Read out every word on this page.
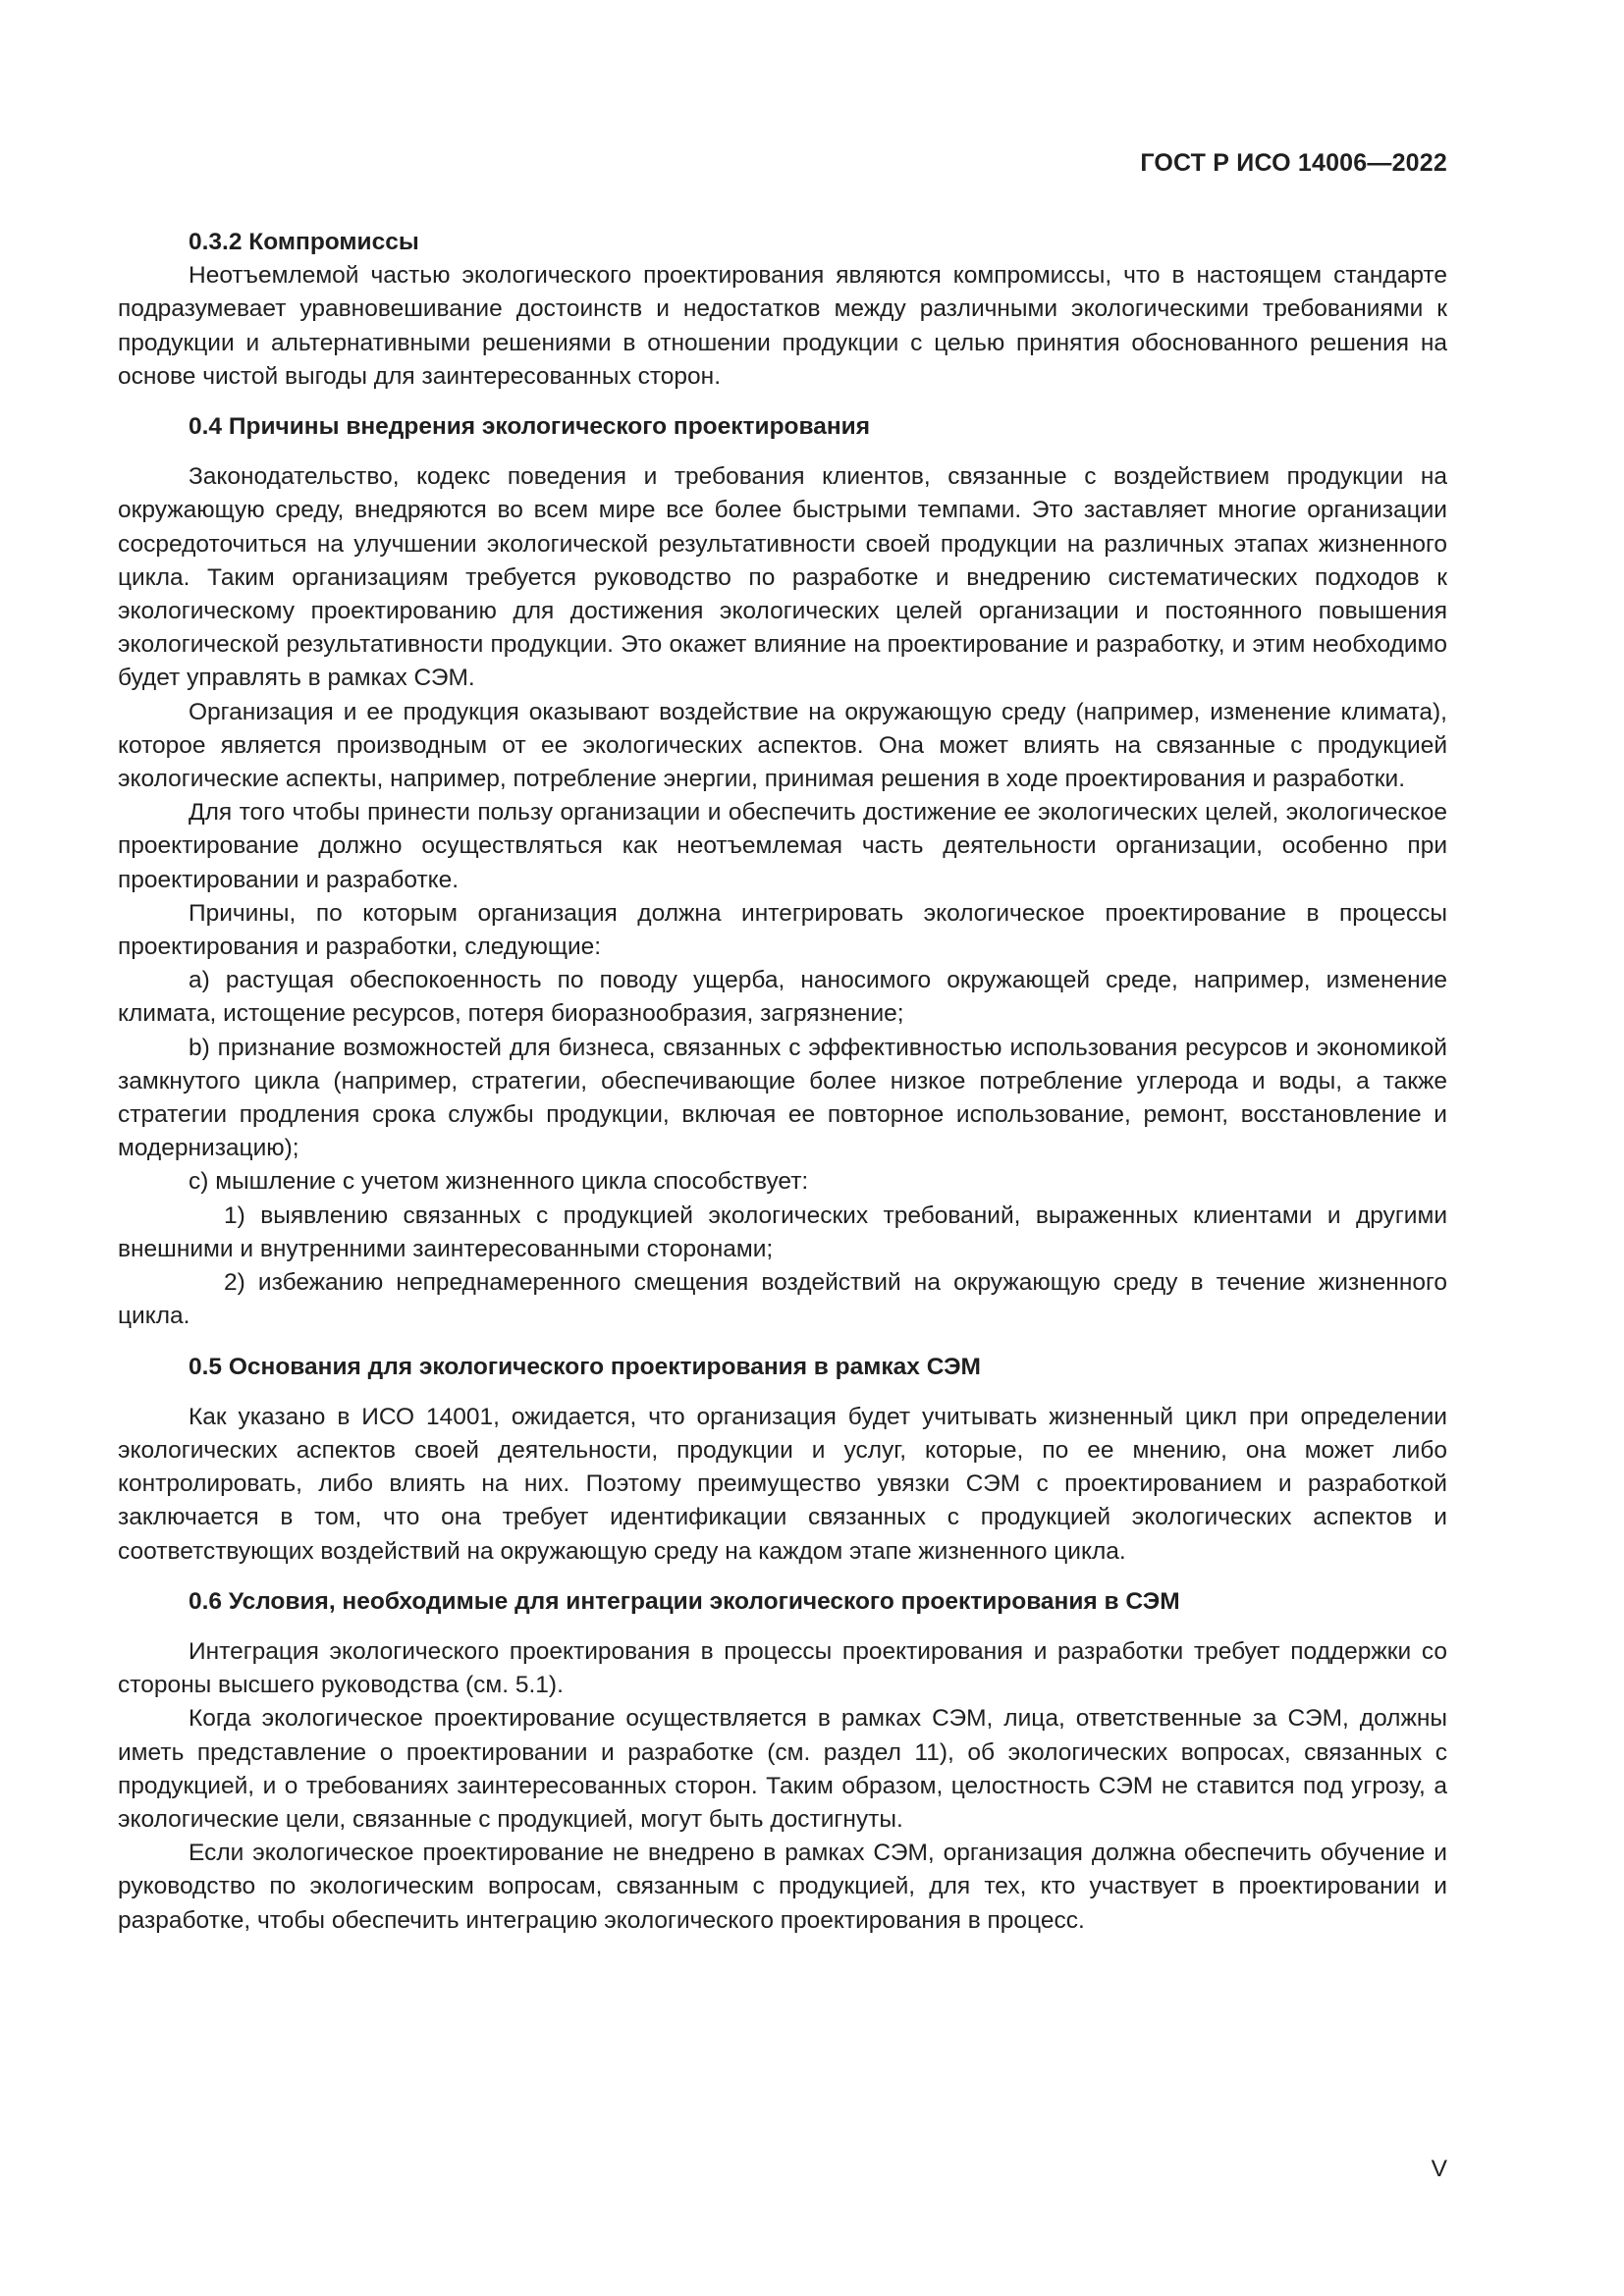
ГОСТ Р ИСО 14006—2022
0.3.2 Компромиссы

Неотъемлемой частью экологического проектирования являются компромиссы, что в настоящем стандарте подразумевает уравновешивание достоинств и недостатков между различными экологическими требованиями к продукции и альтернативными решениями в отношении продукции с целью принятия обоснованного решения на основе чистой выгоды для заинтересованных сторон.

0.4 Причины внедрения экологического проектирования

Законодательство, кодекс поведения и требования клиентов, связанные с воздействием продукции на окружающую среду, внедряются во всем мире все более быстрыми темпами. Это заставляет многие организации сосредоточиться на улучшении экологической результативности своей продукции на различных этапах жизненного цикла. Таким организациям требуется руководство по разработке и внедрению систематических подходов к экологическому проектированию для достижения экологических целей организации и постоянного повышения экологической результативности продукции. Это окажет влияние на проектирование и разработку, и этим необходимо будет управлять в рамках СЭМ.

Организация и ее продукция оказывают воздействие на окружающую среду (например, изменение климата), которое является производным от ее экологических аспектов. Она может влиять на связанные с продукцией экологические аспекты, например, потребление энергии, принимая решения в ходе проектирования и разработки.

Для того чтобы принести пользу организации и обеспечить достижение ее экологических целей, экологическое проектирование должно осуществляться как неотъемлемая часть деятельности организации, особенно при проектировании и разработке.

Причины, по которым организация должна интегрировать экологическое проектирование в процессы проектирования и разработки, следующие:

a) растущая обеспокоенность по поводу ущерба, наносимого окружающей среде, например, изменение климата, истощение ресурсов, потеря биоразнообразия, загрязнение;

b) признание возможностей для бизнеса, связанных с эффективностью использования ресурсов и экономикой замкнутого цикла (например, стратегии, обеспечивающие более низкое потребление углерода и воды, а также стратегии продления срока службы продукции, включая ее повторное использование, ремонт, восстановление и модернизацию);

c) мышление с учетом жизненного цикла способствует:

1) выявлению связанных с продукцией экологических требований, выраженных клиентами и другими внешними и внутренними заинтересованными сторонами;

2) избежанию непреднамеренного смещения воздействий на окружающую среду в течение жизненного цикла.

0.5 Основания для экологического проектирования в рамках СЭМ

Как указано в ИСО 14001, ожидается, что организация будет учитывать жизненный цикл при определении экологических аспектов своей деятельности, продукции и услуг, которые, по ее мнению, она может либо контролировать, либо влиять на них. Поэтому преимущество увязки СЭМ с проектированием и разработкой заключается в том, что она требует идентификации связанных с продукцией экологических аспектов и соответствующих воздействий на окружающую среду на каждом этапе жизненного цикла.

0.6 Условия, необходимые для интеграции экологического проектирования в СЭМ

Интеграция экологического проектирования в процессы проектирования и разработки требует поддержки со стороны высшего руководства (см. 5.1).

Когда экологическое проектирование осуществляется в рамках СЭМ, лица, ответственные за СЭМ, должны иметь представление о проектировании и разработке (см. раздел 11), об экологических вопросах, связанных с продукцией, и о требованиях заинтересованных сторон. Таким образом, целостность СЭМ не ставится под угрозу, а экологические цели, связанные с продукцией, могут быть достигнуты.

Если экологическое проектирование не внедрено в рамках СЭМ, организация должна обеспечить обучение и руководство по экологическим вопросам, связанным с продукцией, для тех, кто участвует в проектировании и разработке, чтобы обеспечить интеграцию экологического проектирования в процесс.

V
